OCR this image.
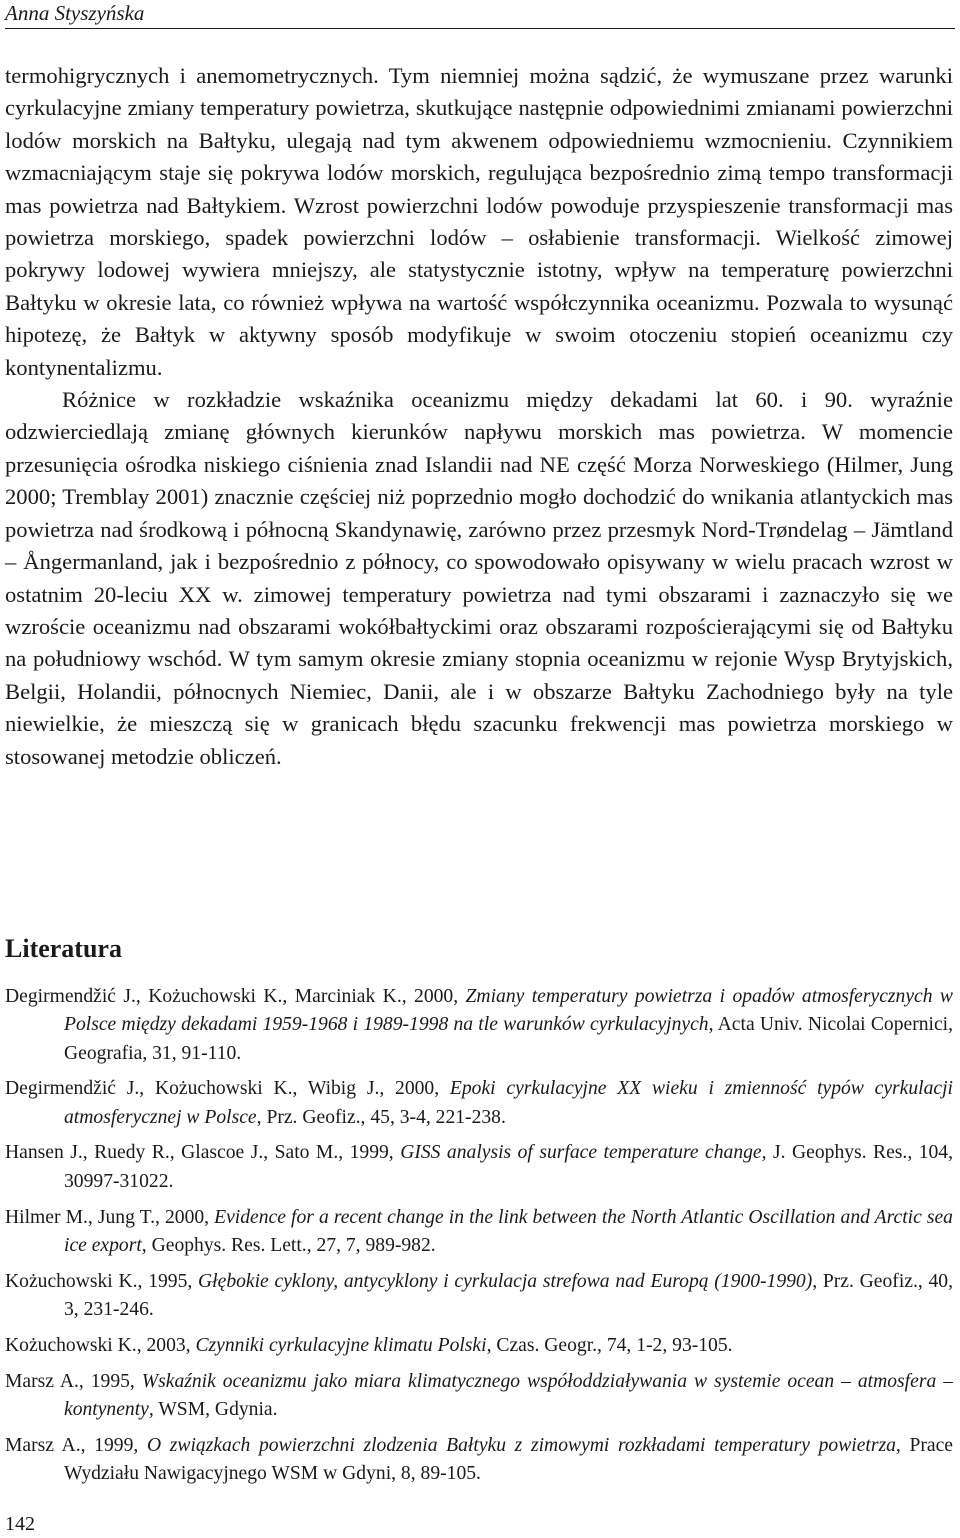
Anna Styszyńska

termohigrycznych i anemometrycznych. Tym niemniej można sądzić, że wymuszane przez warunki cyrkulacyjne zmiany temperatury powietrza, skutkujące następnie odpowiednimi zmianami powierzchni lodów morskich na Bałtyku, ulegają nad tym akwenem odpowiedniemu wzmocnieniu. Czynnikiem wzmacniającym staje się pokrywa lodów morskich, regulująca bezpośrednio zimą tempo transformacji mas powietrza nad Bałtykiem. Wzrost powierzchni lodów powoduje przyspieszenie transformacji mas powietrza morskiego, spadek powierzchni lodów – osłabienie transformacji. Wielkość zimowej pokrywy lodowej wywiera mniejszy, ale statystycznie istotny, wpływ na temperaturę powierzchni Bałtyku w okresie lata, co również wpływa na wartość współczynnika oceanizmu. Pozwala to wysunąć hipotezę, że Bałtyk w aktywny sposób modyfikuje w swoim otoczeniu stopień oceanizmu czy kontynentalizmu.

Różnice w rozkładzie wskaźnika oceanizmu między dekadami lat 60. i 90. wyraźnie odzwierciedlają zmianę głównych kierunków napływu morskich mas powietrza. W momencie przesunięcia ośrodka niskiego ciśnienia znad Islandii nad NE część Morza Norweskiego (Hilmer, Jung 2000; Tremblay 2001) znacznie częściej niż poprzednio mogło dochodzić do wnikania atlantyckich mas powietrza nad środkową i północną Skandynawię, zarówno przez przesmyk Nord-Trøndelag – Jämtland – Ångermanland, jak i bezpośrednio z północy, co spowodowało opisywany w wielu pracach wzrost w ostatnim 20-leciu XX w. zimowej temperatury powietrza nad tymi obszarami i zaznaczyło się we wzroście oceanizmu nad obszarami wokółbałtyckimi oraz obszarami rozpościerającymi się od Bałtyku na południowy wschód. W tym samym okresie zmiany stopnia oceanizmu w rejonie Wysp Brytyjskich, Belgii, Holandii, północnych Niemiec, Danii, ale i w obszarze Bałtyku Zachodniego były na tyle niewielkie, że mieszczą się w granicach błędu szacunku frekwencji mas powietrza morskiego w stosowanej metodzie obliczeń.

Literatura

Degirmendžić J., Kożuchowski K., Marciniak K., 2000, Zmiany temperatury powietrza i opadów atmosferycznych w Polsce między dekadami 1959-1968 i 1989-1998 na tle warunków cyrkulacyjnych, Acta Univ. Nicolai Copernici, Geografia, 31, 91-110.

Degirmendžić J., Kożuchowski K., Wibig J., 2000, Epoki cyrkulacyjne XX wieku i zmienność typów cyrkulacji atmosferycznej w Polsce, Prz. Geofiz., 45, 3-4, 221-238.

Hansen J., Ruedy R., Glascoe J., Sato M., 1999, GISS analysis of surface temperature change, J. Geophys. Res., 104, 30997-31022.

Hilmer M., Jung T., 2000, Evidence for a recent change in the link between the North Atlantic Oscillation and Arctic sea ice export, Geophys. Res. Lett., 27, 7, 989-982.

Kożuchowski K., 1995, Głębokie cyklony, antycyklony i cyrkulacja strefowa nad Europą (1900-1990), Prz. Geofiz., 40, 3, 231-246.

Kożuchowski K., 2003, Czynniki cyrkulacyjne klimatu Polski, Czas. Geogr., 74, 1-2, 93-105.

Marsz A., 1995, Wskaźnik oceanizmu jako miara klimatycznego współoddziaływania w systemie ocean – atmosfera – kontynenty, WSM, Gdynia.

Marsz A., 1999, O związkach powierzchni zlodzenia Bałtyku z zimowymi rozkładami temperatury powietrza, Prace Wydziału Nawigacyjnego WSM w Gdyni, 8, 89-105.

142
